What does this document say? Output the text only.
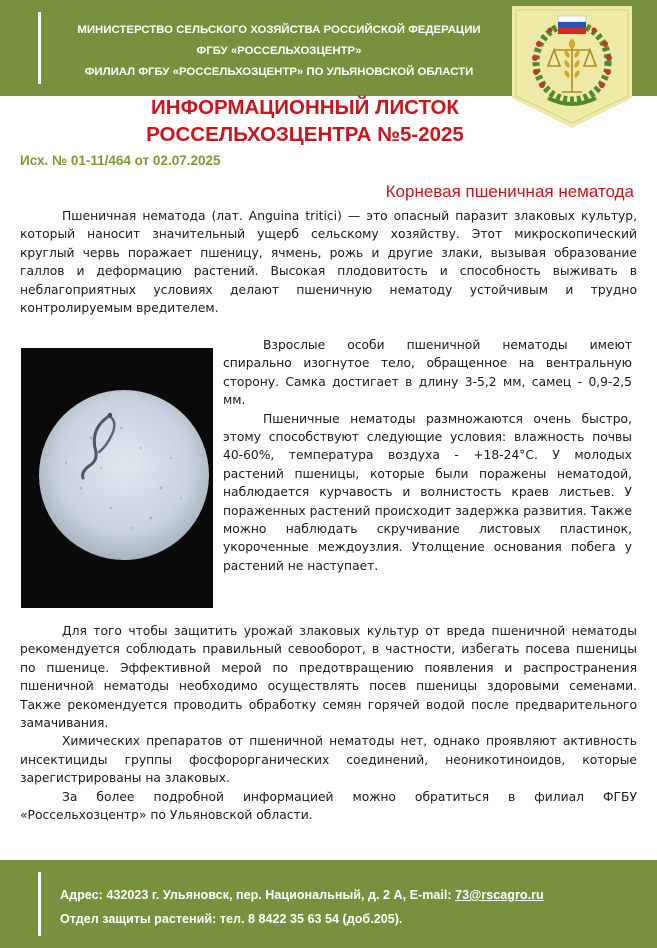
МИНИСТЕРСТВО СЕЛЬСКОГО ХОЗЯЙСТВА РОССИЙСКОЙ ФЕДЕРАЦИИ
ФГБУ «РОССЕЛЬХОЗЦЕНТР»
ФИЛИАЛ ФГБУ «РОССЕЛЬХОЗЦЕНТР» ПО УЛЬЯНОВСКОЙ ОБЛАСТИ
ИНФОРМАЦИОННЫЙ ЛИСТОК
РОССЕЛЬХОЗЦЕНТРА №5-2025
Исх. № 01-11/464 от 02.07.2025
Корневая пшеничная нематода

Пшеничная нематода (лат. Anguina tritici) — это опасный паразит злаковых культур, который наносит значительный ущерб сельскому хозяйству. Этот микроскопический круглый червь поражает пшеницу, ячмень, рожь и другие злаки, вызывая образование галлов и деформацию растений. Высокая плодовитость и способность выживать в неблагоприятных условиях делают пшеничную нематоду устойчивым и трудно контролируемым вредителем.

Взрослые особи пшеничной нематоды имеют спирально изогнутое тело, обращенное на вентральную сторону. Самка достигает в длину 3-5,2 мм, самец - 0,9-2,5 мм.

Пшеничные нематоды размножаются очень быстро, этому способствуют следующие условия: влажность почвы 40-60%, температура воздуха - +18-24°С. У молодых растений пшеницы, которые были поражены нематодой, наблюдается курчавость и волнистость краев листьев. У пораженных растений происходит задержка развития. Также можно наблюдать скручивание листовых пластинок, укороченные междоузлия. Утолщение основания побега у растений не наступает.

Для того чтобы защитить урожай злаковых культур от вреда пшеничной нематоды рекомендуется соблюдать правильный севооборот, в частности, избегать посева пшеницы по пшенице. Эффективной мерой по предотвращению появления и распространения пшеничной нематоды необходимо осуществлять посев пшеницы здоровыми семенами. Также рекомендуется проводить обработку семян горячей водой после предварительного замачивания.

Химических препаратов от пшеничной нематоды нет, однако проявляют активность инсектициды группы фосфорорганических соединений, неоникотиноидов, которые зарегистрированы на злаковых.

За более подробной информацией можно обратиться в филиал ФГБУ «Россельхозцентр» по Ульяновской области.

Адрес: 432023 г. Ульяновск, пер. Национальный, д. 2 А, E-mail: 73@rscagro.ru
Отдел защиты растений: тел. 8 8422 35 63 54 (доб.205).
